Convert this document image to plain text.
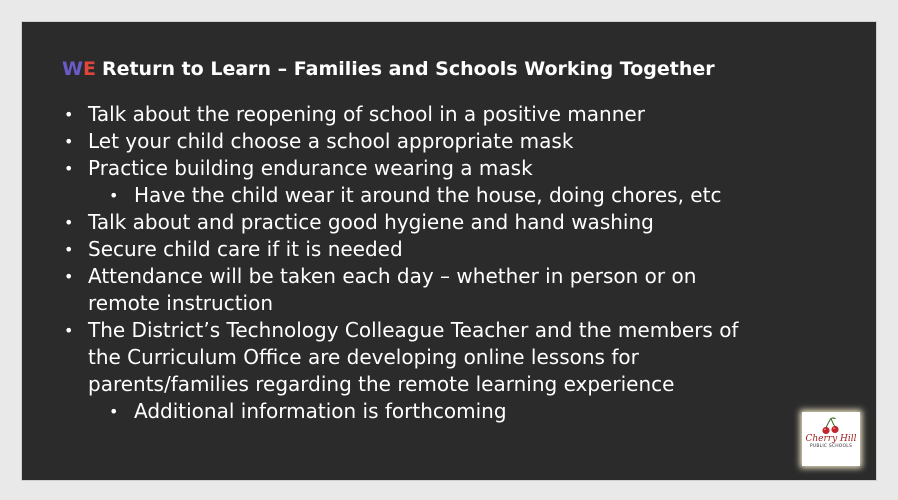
WE Return to Learn – Families and Schools Working Together
• Talk about the reopening of school in a positive manner
• Let your child choose a school appropriate mask
• Practice building endurance wearing a mask
• Have the child wear it around the house, doing chores, etc
• Talk about and practice good hygiene and hand washing
• Secure child care if it is needed
• Attendance will be taken each day – whether in person or on
remote instruction
• The District’s Technology Colleague Teacher and the members of
the Curriculum Office are developing online lessons for
parents/families regarding the remote learning experience
• Additional information is forthcoming
Cherry Hill
PUBLIC SCHOOLS
